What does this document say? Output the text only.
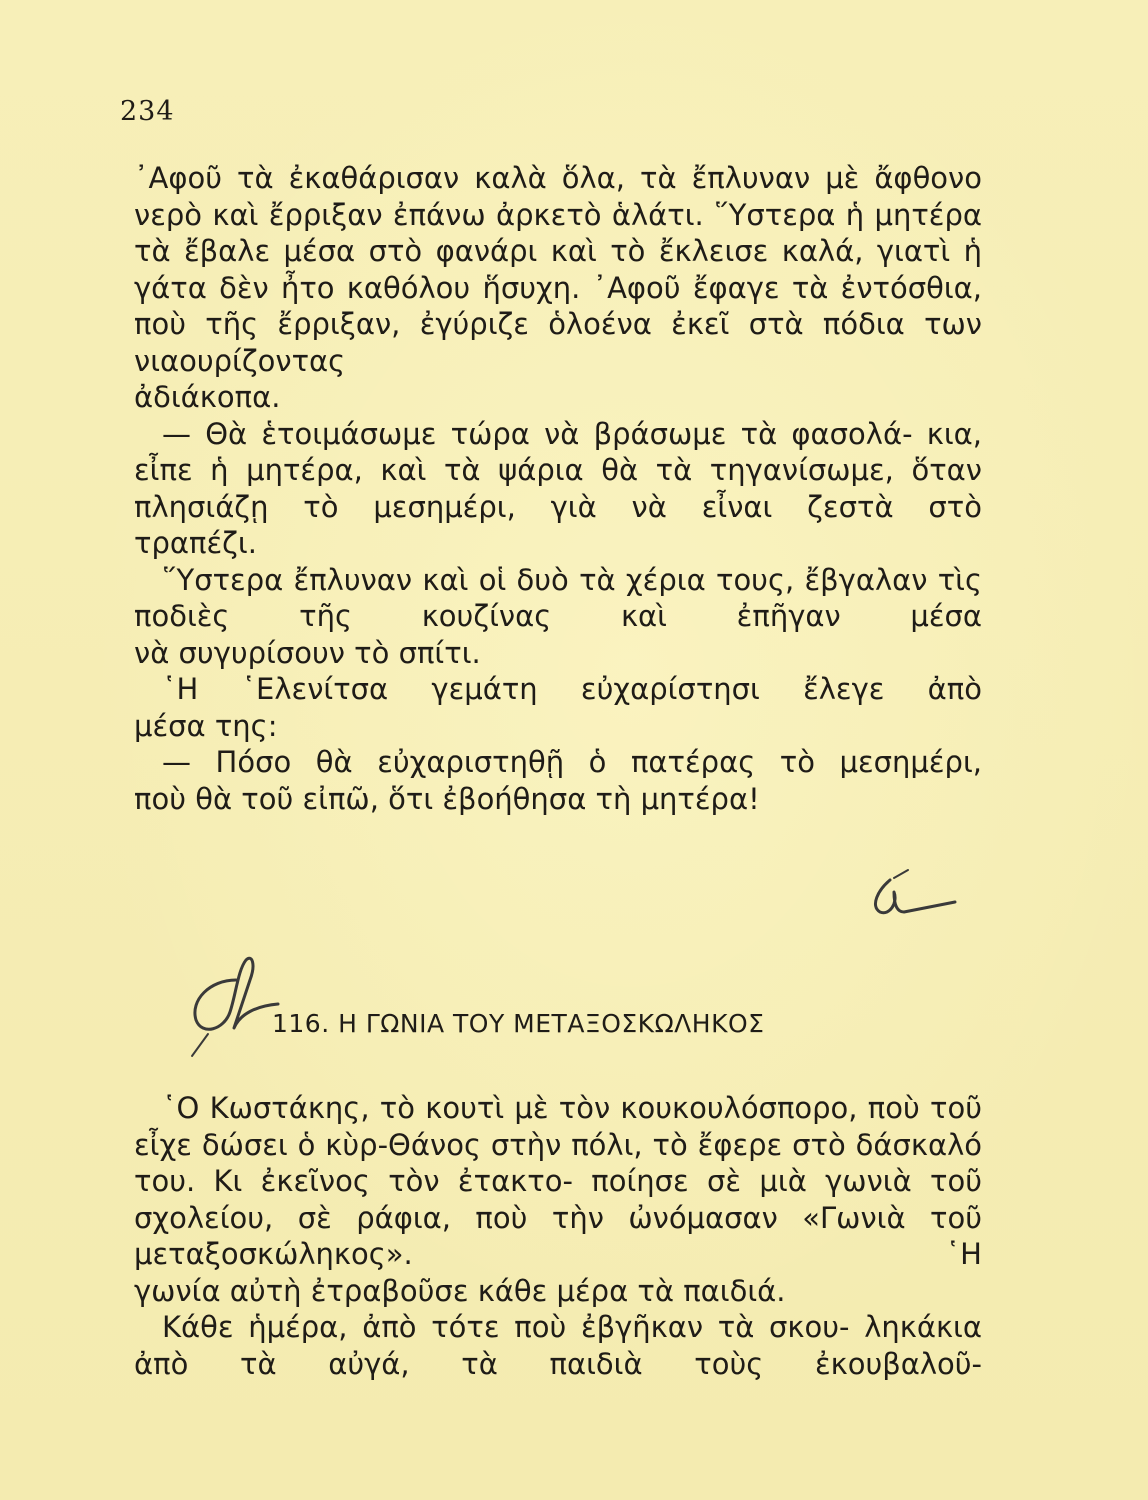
234

᾿Αφοῦ τὰ ἐκαθάρισαν καλὰ ὅλα, τὰ ἔπλυναν μὲ ἄφθονο νερὸ καὶ ἔρριξαν ἐπάνω ἀρκετὸ ἁλάτι. ῞Υστερα ἡ μητέρα τὰ ἔβαλε μέσα στὸ φανάρι καὶ τὸ ἔκλεισε καλά, γιατὶ ἡ γάτα δὲν ἦτο καθόλου ἥσυχη. ᾿Αφοῦ ἔφαγε τὰ ἐντόσθια, ποὺ τῆς ἔρριξαν, ἐγύριζε ὁλοένα ἐκεῖ στὰ πόδια των νιαουρίζοντας

ἀδιάκοπα.

— Θὰ ἑτοιμάσωμε τώρα νὰ βράσωμε τὰ φασολά- κια, εἶπε ἡ μητέρα, καὶ τὰ ψάρια θὰ τὰ τηγανίσωμε, ὅταν πλησιάζῃ τὸ μεσημέρι, γιὰ νὰ εἶναι ζεστὰ στὸ

τραπέζι.

῞Υστερα ἔπλυναν καὶ οἱ δυὸ τὰ χέρια τους, ἔβγαλαν τὶς ποδιὲς τῆς κουζίνας καὶ ἐπῆγαν μέσα

νὰ συγυρίσουν τὸ σπίτι.

῾Η ῾Ελενίτσα γεμάτη εὐχαρίστησι ἔλεγε ἀπὸ

μέσα της:

— Πόσο θὰ εὐχαριστηθῇ ὁ πατέρας τὸ μεσημέρι,

ποὺ θὰ τοῦ εἰπῶ, ὅτι ἐβοήθησα τὴ μητέρα!

116. Η ΓΩΝΙΑ ΤΟΥ ΜΕΤΑΞΟΣΚΩΛΗΚΟΣ

῾Ο Κωστάκης, τὸ κουτὶ μὲ τὸν κουκουλόσπορο, ποὺ τοῦ εἶχε δώσει ὁ κὺρ-Θάνος στὴν πόλι, τὸ ἔφερε στὸ δάσκαλό του. Κι ἐκεῖνος τὸν ἐτακτο- ποίησε σὲ μιὰ γωνιὰ τοῦ σχολείου, σὲ ράφια, ποὺ τὴν ὠνόμασαν «Γωνιὰ τοῦ μεταξοσκώληκος». ῾Η

γωνία αὐτὴ ἐτραβοῦσε κάθε μέρα τὰ παιδιά.

Κάθε ἡμέρα, ἀπὸ τότε ποὺ ἐβγῆκαν τὰ σκου- ληκάκια ἀπὸ τὰ αὐγά, τὰ παιδιὰ τοὺς ἐκουβαλοῦ-
